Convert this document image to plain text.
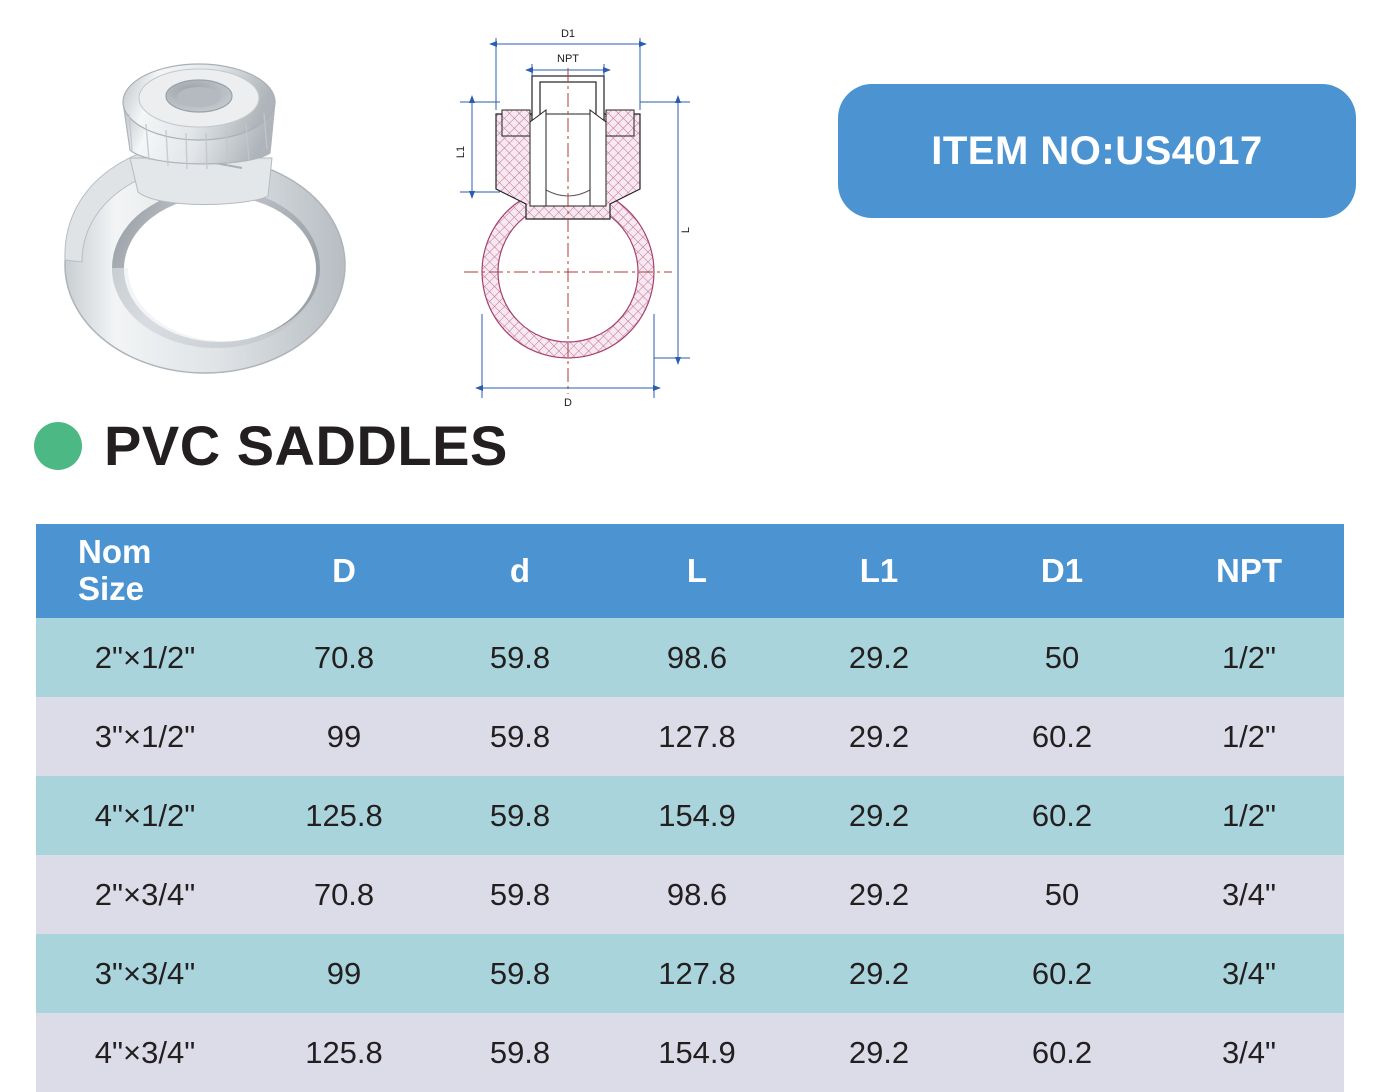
D1
NPT
L1
L
D
ITEM NO:US4017
PVC SADDLES
Nom
Size	D	d	L	L1	D1	NPT
2"×1/2"	70.8	59.8	98.6	29.2	50	1/2"
3"×1/2"	99	59.8	127.8	29.2	60.2	1/2"
4"×1/2"	125.8	59.8	154.9	29.2	60.2	1/2"
2"×3/4"	70.8	59.8	98.6	29.2	50	3/4"
3"×3/4"	99	59.8	127.8	29.2	60.2	3/4"
4"×3/4"	125.8	59.8	154.9	29.2	60.2	3/4"
